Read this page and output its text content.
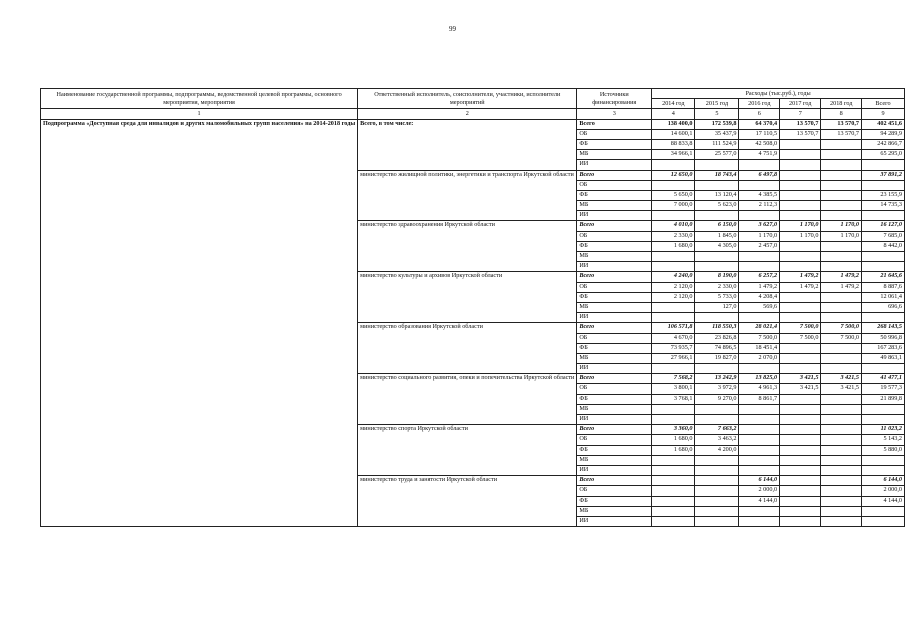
99
Наименование государственной программы, подпрограммы, ведомственной целевой программы, основного мероприятия, мероприятия	Ответственный исполнитель, соисполнители, участники, исполнители мероприятий	Источники финансирования	Расходы (тыс.руб.), годы					
			2014 год	2015 год	2016 год	2017 год	2018 год	Всего
1	2	3	4	5	6	7	8	9
Подпрограмма «Доступная среда для инвалидов и других маломобильных групп населения» на 2014-2018 годы	Всего, в том числе:	Всего	138 400,0	172 539,8	64 370,4	13 570,7	13 570,7	402 451,6
		ОБ	14 600,1	35 437,9	17 110,5	13 570,7	13 570,7	94 289,9
		ФБ	88 833,8	111 524,9	42 508,0			242 866,7
		МБ	34 966,1	25 577,0	4 751,9			65 295,0
		ИИ						
	министерство жилищной политики, энергетики и транспорта Иркутской области	Всего	12 650,0	18 743,4	6 497,8			37 891,2
		ОБ						
		ФБ	5 650,0	13 120,4	4 385,5			23 155,9
		МБ	7 000,0	5 623,0	2 112,3			14 735,3
		ИИ						
	министерство здравоохранения Иркутской области	Всего	4 010,0	6 150,0	3 627,0	1 170,0	1 170,0	16 127,0
		ОБ	2 330,0	1 845,0	1 170,0	1 170,0	1 170,0	7 685,0
		ФБ	1 680,0	4 305,0	2 457,0			8 442,0
		МБ						
		ИИ						
	министерство культуры и архивов Иркутской области	Всего	4 240,0	8 190,0	6 257,2	1 479,2	1 479,2	21 645,6
		ОБ	2 120,0	2 330,0	1 479,2	1 479,2	1 479,2	8 887,6
		ФБ	2 120,0	5 733,0	4 208,4			12 061,4
		МБ		127,0	569,6			696,6
		ИИ						
	министерство образования Иркутской области	Всего	106 571,8	118 550,3	28 021,4	7 500,0	7 500,0	268 143,5
		ОБ	4 670,0	23 826,8	7 500,0	7 500,0	7 500,0	50 996,8
		ФБ	73 935,7	74 896,5	18 451,4			167 283,6
		МБ	27 966,1	19 827,0	2 070,0			49 863,1
		ИИ						
	министерство социального развития, опеки и попечительства Иркутской области	Всего	7 568,2	13 242,9	13 825,0	3 421,5	3 421,5	41 477,1
		ОБ	3 800,1	3 972,9	4 961,3	3 421,5	3 421,5	19 577,3
		ФБ	3 768,1	9 270,0	8 861,7			21 899,8
		МБ						
		ИИ						
	министерство спорта Иркутской области	Всего	3 360,0	7 663,2				11 023,2
		ОБ	1 680,0	3 463,2				5 143,2
		ФБ	1 680,0	4 200,0				5 880,0
		МБ						
		ИИ						
	министерство труда и занятости Иркутской области	Всего			6 144,0			6 144,0
		ОБ			2 000,0			2 000,0
		ФБ			4 144,0			4 144,0
		МБ						
		ИИ						
